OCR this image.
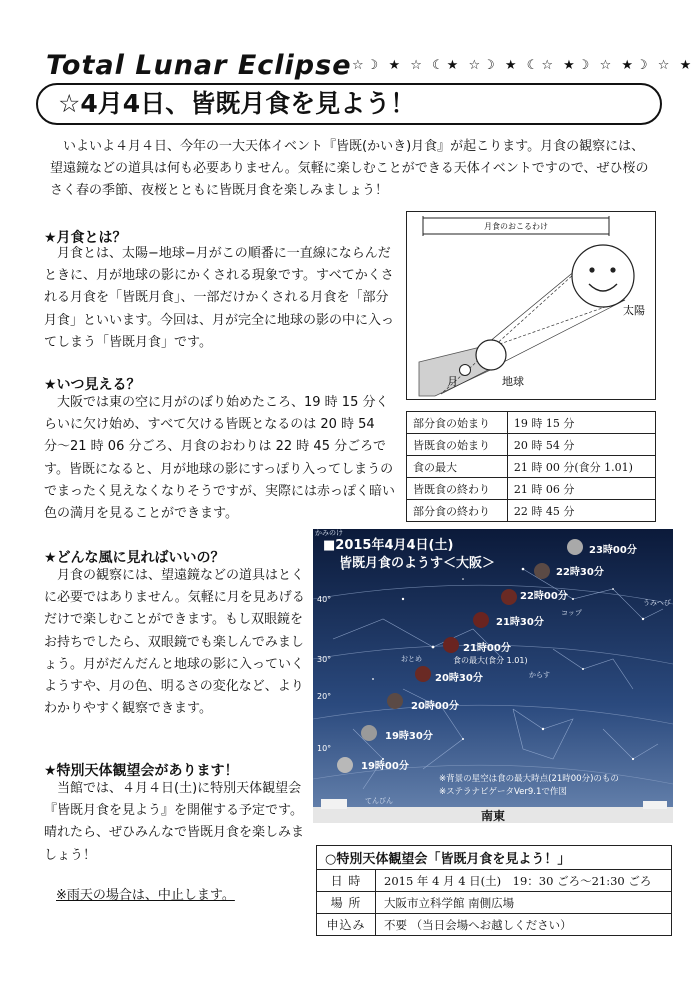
Total Lunar Eclipse ☆☽ ★ ☆ ☾★ ☆☽ ★ ☾☆ ★☽ ☆ ★☽ ☆ ★
☆4月4日、皆既月食を見よう！

いよいよ４月４日、今年の一大天体イベント『皆既(かいき)月食』が起こります。月食の観察には、望遠鏡などの道具は何も必要ありません。気軽に楽しむことができる天体イベントですので、ぜひ桜のさく春の季節、夜桜とともに皆既月食を楽しみましょう！

★月食とは？

月食とは、太陽−地球−月がこの順番に一直線にならんだときに、月が地球の影にかくされる現象です。すべてかくされる月食を「皆既月食」、一部だけかくされる月食を「部分月食」といいます。今回は、月が完全に地球の影の中に入ってしまう「皆既月食」です。

★いつ見える？

大阪では東の空に月がのぼり始めたころ、19 時 15 分くらいに欠け始め、すべて欠ける皆既となるのは 20 時 54 分〜21 時 06 分ごろ、月食のおわりは 22 時 45 分ごろです。皆既になると、月が地球の影にすっぽり入ってしまうのでまったく見えなくなりそうですが、実際には赤っぽく暗い色の満月を見ることができます。

★どんな風に見ればいいの？

月食の観察には、望遠鏡などの道具はとくに必要ではありません。気軽に月を見あげるだけで楽しむことができます。もし双眼鏡をお持ちでしたら、双眼鏡でも楽しんでみましょう。月がだんだんと地球の影に入っていくようすや、月の色、明るさの変化など、よりわかりやすく観察できます。

★特別天体観望会があります！

当館では、４月４日(土)に特別天体観望会『皆既月食を見よう』を開催する予定です。晴れたら、ぜひみんなで皆既月食を楽しみましょう！

※雨天の場合は、中止します。
月食のおこるわけ
太陽
地球
月
部分食の始まり	19 時 15 分
皆既食の始まり	20 時 54 分
食の最大	21 時 00 分(食分 1.01)
皆既食の終わり	21 時 06 分
部分食の終わり	22 時 45 分
■2015年4月4日(土)
皆既月食のようす＜大阪＞
かみのけ
23時00分
22時30分
22時00分
21時30分
21時00分
20時30分
20時00分
19時30分
19時00分
食の最大(食分 1.01)
うみへび
コップ
おとめ
からす
てんびん
40°
30°
20°
10°
※背景の星空は食の最大時点(21時00分)のもの
※ステラナビゲータVer9.1で作図
南東
○特別天体観望会「皆既月食を見よう！」	
日 時	2015 年 4 月 4 日(土)　19：30 ごろ〜21:30 ごろ
場 所	大阪市立科学館 南側広場
申込み	不要 （当日会場へお越しください）
